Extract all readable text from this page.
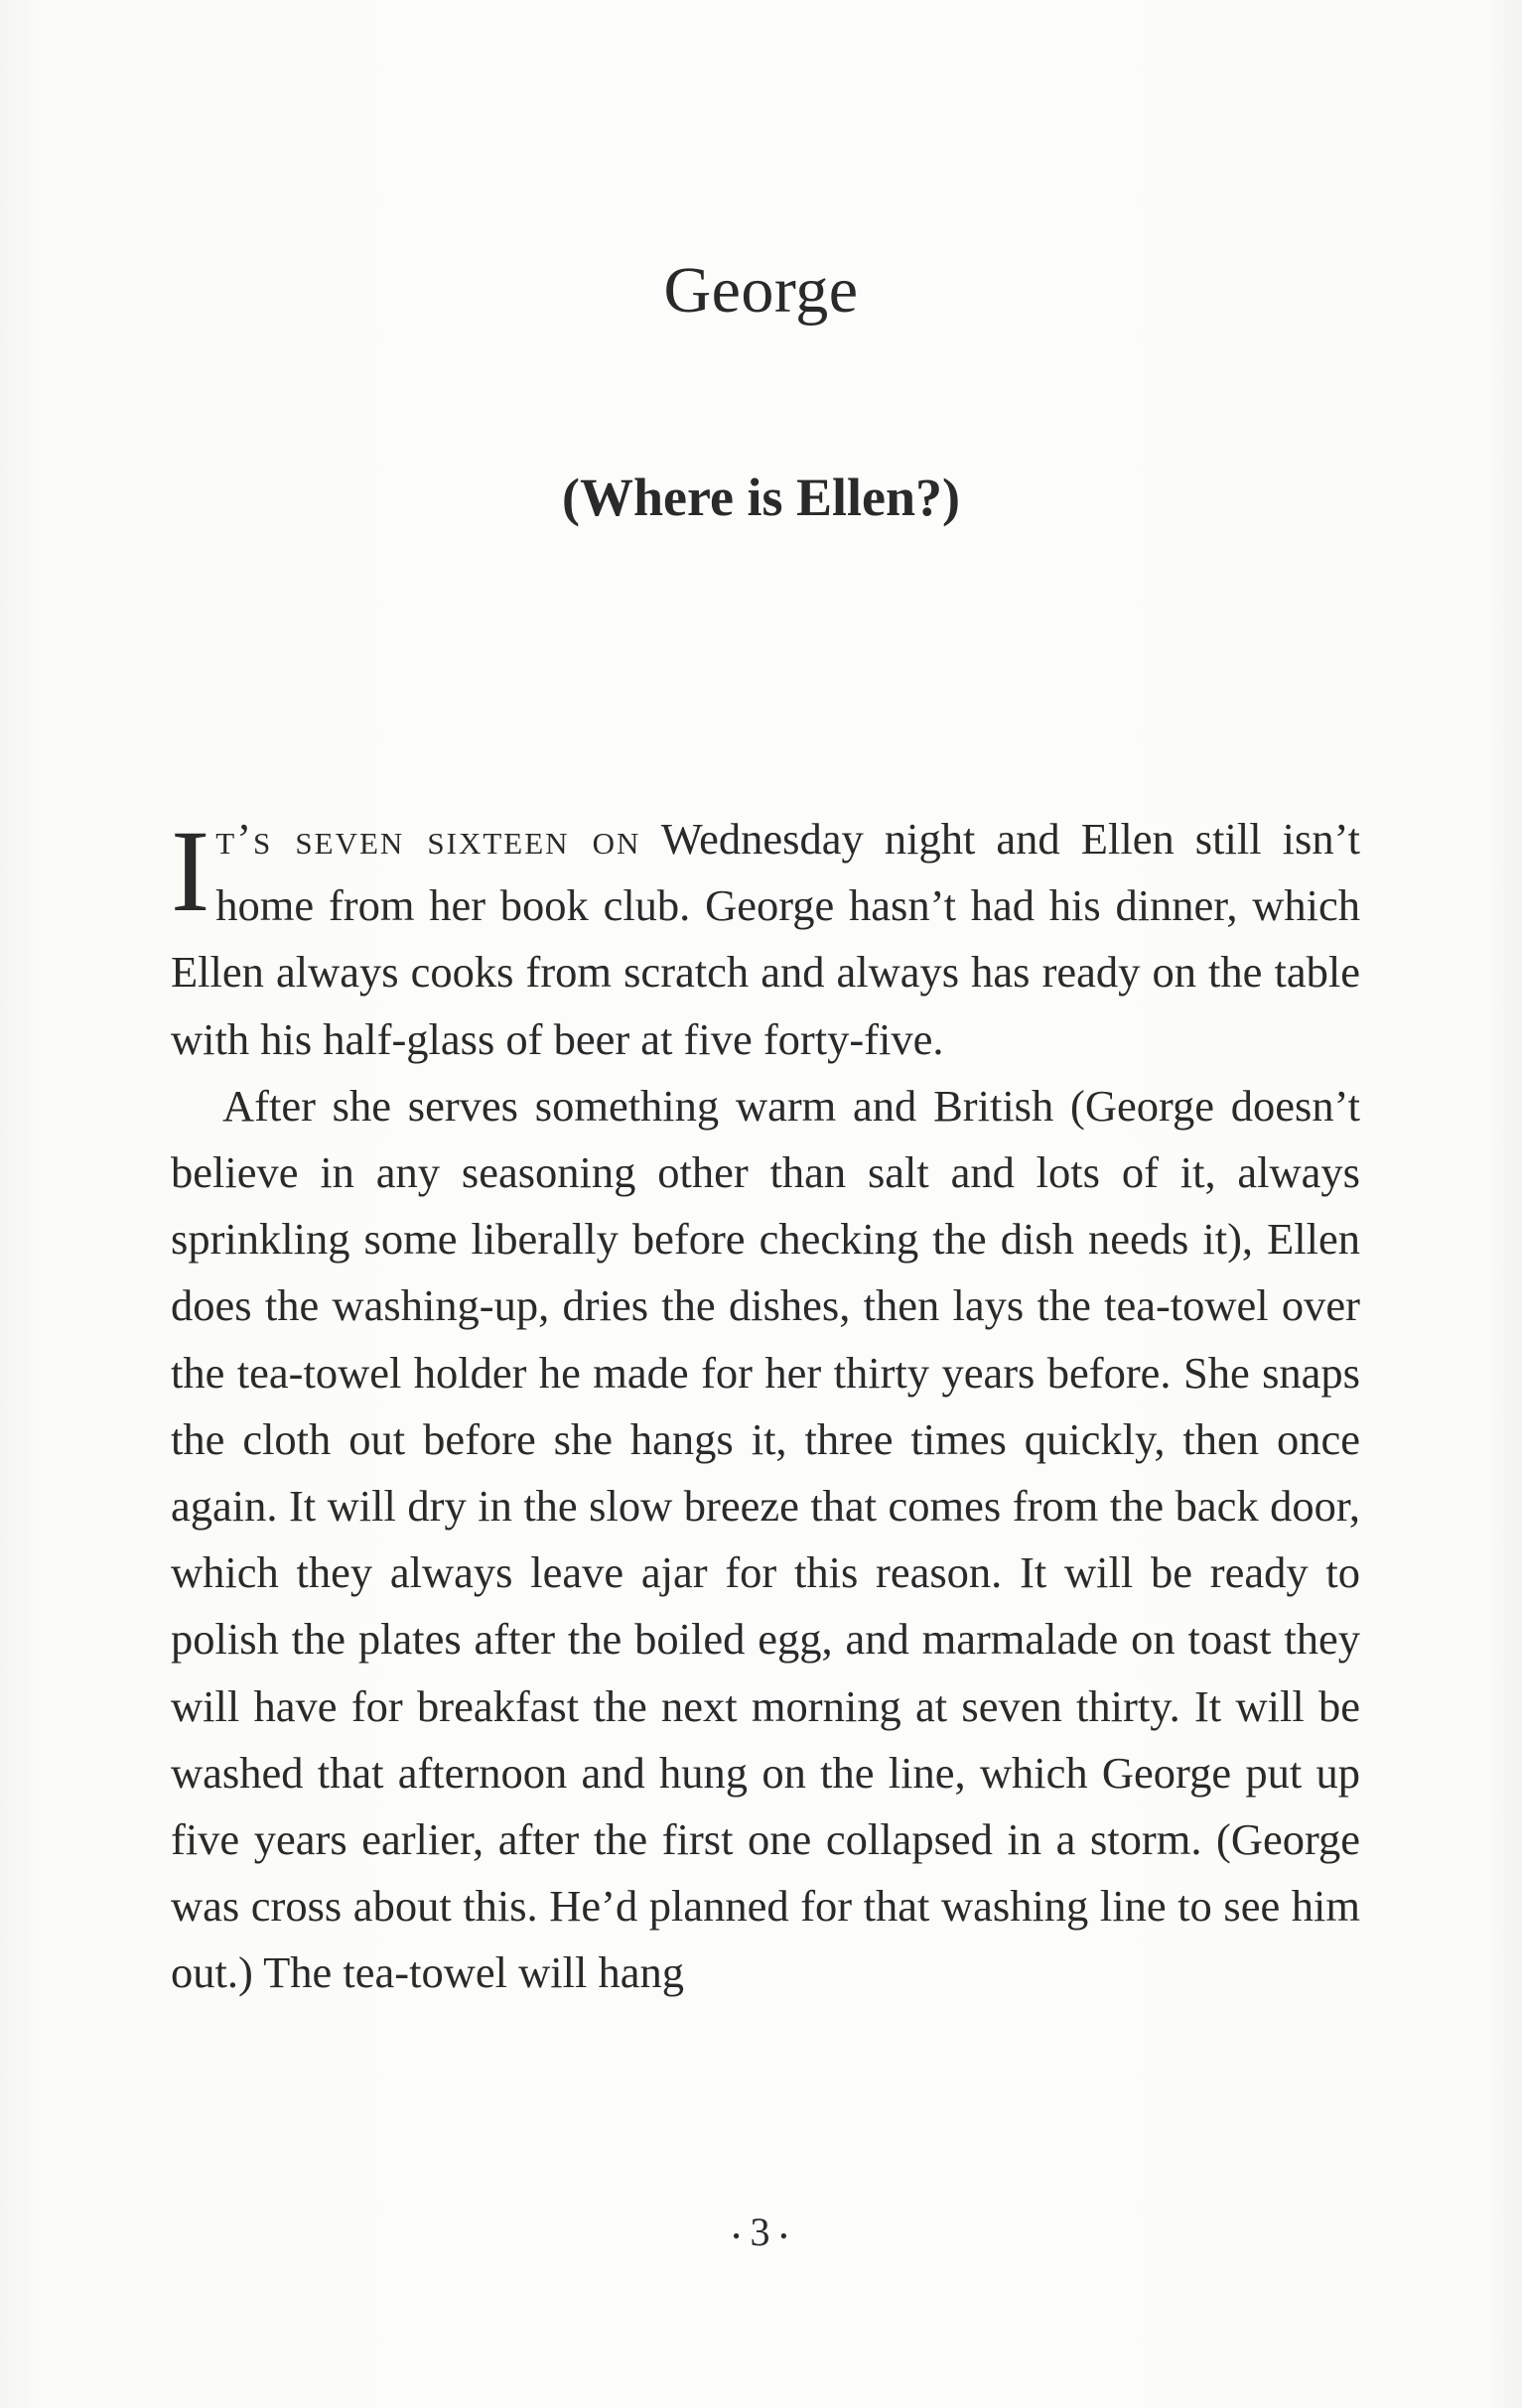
George
(Where is Ellen?)

It’s seven sixteen on Wednesday night and Ellen still isn’t home from her book club. George hasn’t had his dinner, which Ellen always cooks from scratch and always has ready on the table with his half-glass of beer at five forty-five.

After she serves something warm and British (George doesn’t believe in any seasoning other than salt and lots of it, always sprinkling some liberally before checking the dish needs it), Ellen does the washing-up, dries the dishes, then lays the tea-towel over the tea-towel holder he made for her thirty years before. She snaps the cloth out before she hangs it, three times quickly, then once again. It will dry in the slow breeze that comes from the back door, which they always leave ajar for this reason. It will be ready to polish the plates after the boiled egg, and marmalade on toast they will have for breakfast the next morning at seven thirty. It will be washed that afternoon and hung on the line, which George put up five years earlier, after the first one collapsed in a storm. (George was cross about this. He’d planned for that washing line to see him out.) The tea-towel will hang

• 3 •
